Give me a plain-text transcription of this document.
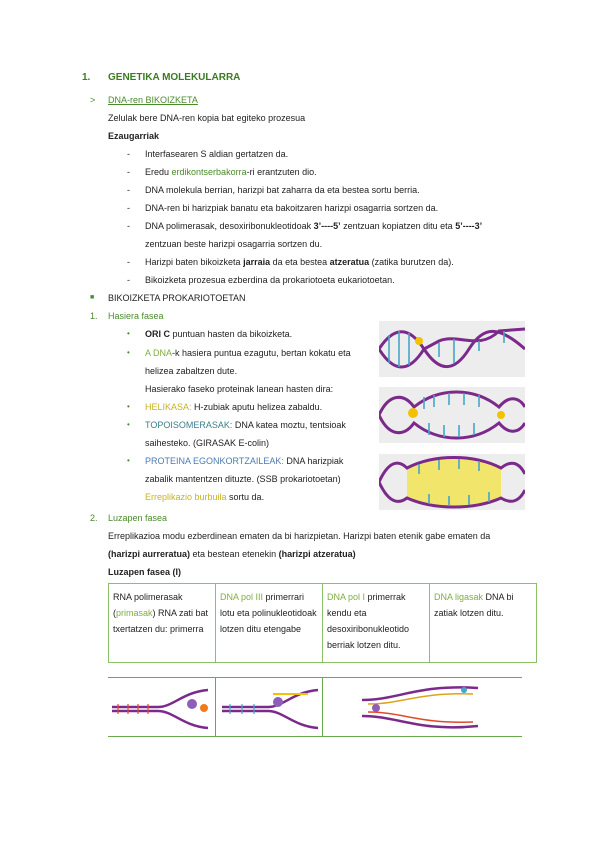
1. GENETIKA MOLEKULARRA
> DNA-ren BIKOIZKETA
Zelulak bere DNA-ren kopia bat egiteko prozesua
Ezaugarriak
- Interfasearen S aldian gertatzen da.
- Eredu erdikontserbakorra-ri erantzuten dio.
- DNA molekula berrian, harizpi bat zaharra da eta bestea sortu berria.
- DNA-ren bi harizpiak banatu eta bakoitzaren harizpi osagarria sortzen da.
- DNA polimerasak, desoxiribonukleotidoak 3’----5’ zentzuan kopiatzen ditu eta 5’----3’
zentzuan beste harizpi osagarria sortzen du.
- Harizpi baten bikoizketa jarraia da eta bestea atzeratua (zatika burutzen da).
- Bikoizketa prozesua ezberdina da prokariotoeta eukariotoetan.
■ BIKOIZKETA PROKARIOTOETAN
1. Hasiera fasea
• ORI C puntuan hasten da bikoizketa.
• A DNA-k hasiera puntua ezagutu, bertan kokatu eta
helizea zabaltzen dute.
Hasierako faseko proteinak lanean hasten dira:
• HELIKASA: H-zubiak aputu helizea zabaldu.
• TOPOISOMERASAK: DNA katea moztu, tentsioak
saihesteko. (GIRASAK E-colin)
• PROTEINA EGONKORTZAILEAK: DNA harizpiak
zabalik mantentzen dituzte. (SSB prokariotoetan)
Erreplikazio burbuila sortu da.
2. Luzapen fasea
Erreplikazioa modu ezberdinean ematen da bi harizpietan. Harizpi baten etenik gabe ematen da
(harizpi aurreratua) eta bestean etenekin (harizpi atzeratua)
Luzapen fasea (I)
RNA polimerasak (primasak) RNA zati bat txertatzen du: primerra	DNA pol III primerrari lotu eta polinukleotidoak lotzen ditu etengabe	DNA pol I primerrak kendu eta desoxiribonukleotido berriak lotzen ditu.	DNA ligasak DNA bi zatiak lotzen ditu.
